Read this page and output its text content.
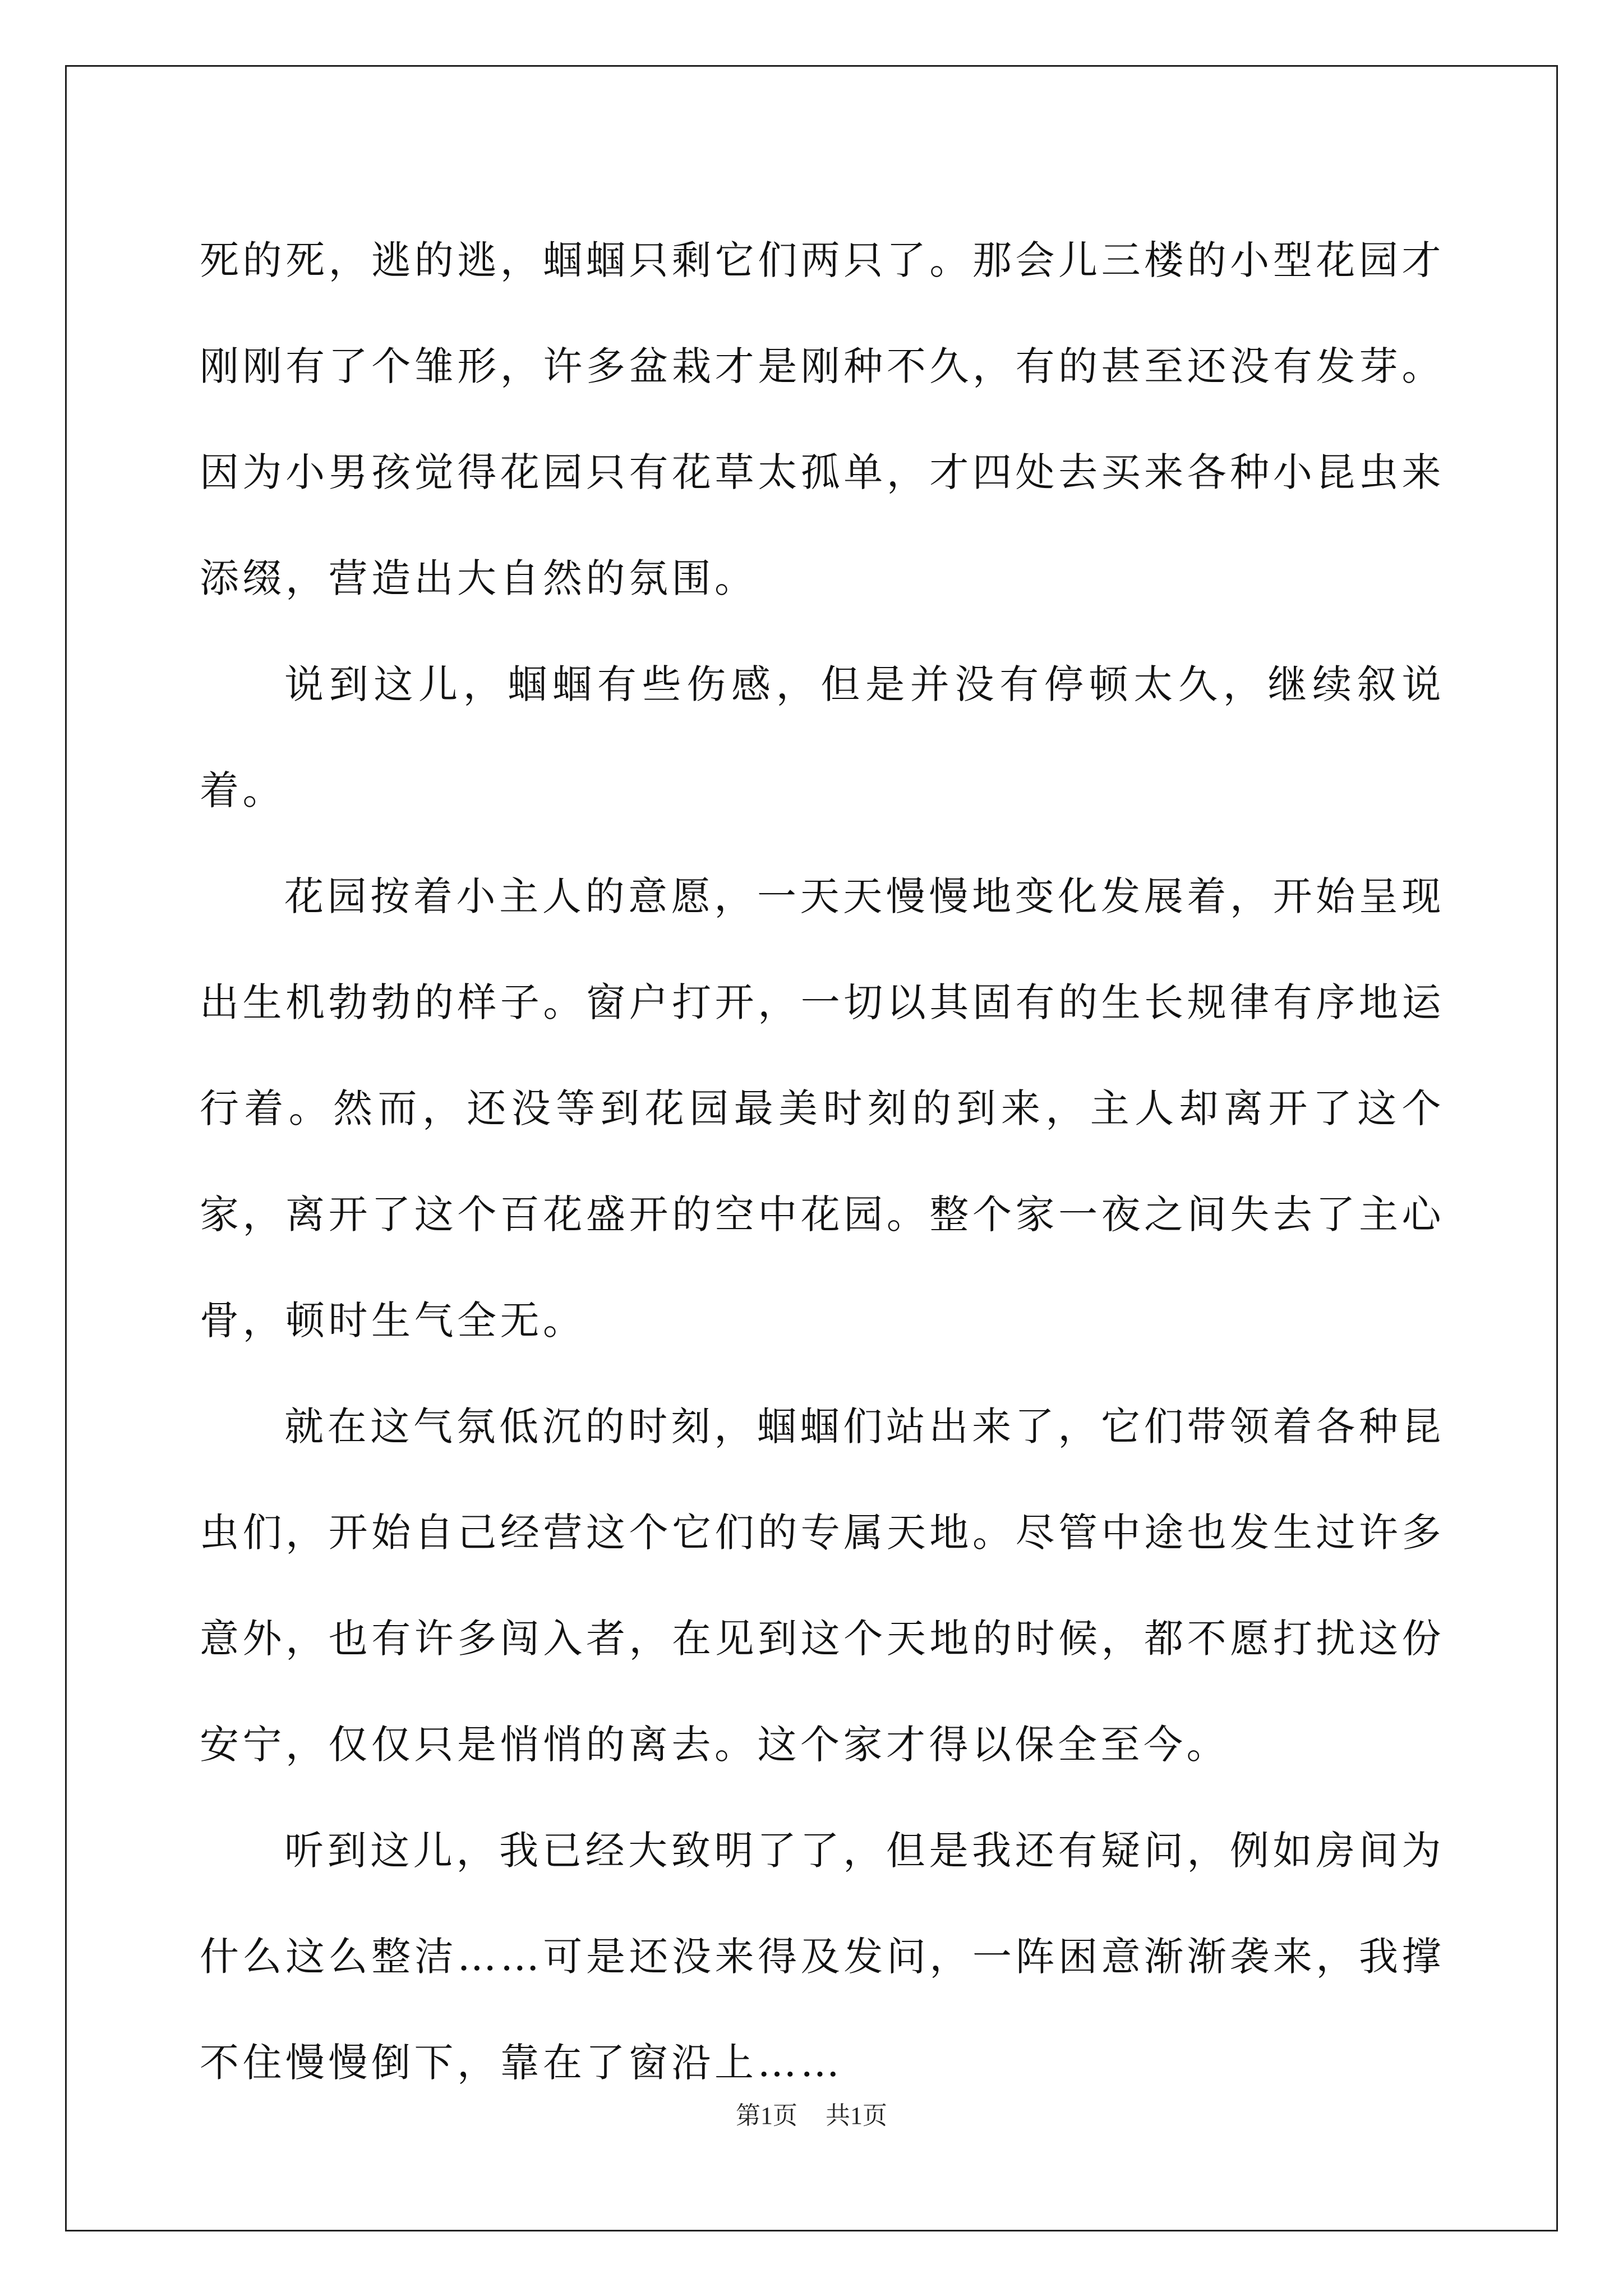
死的死，逃的逃，蝈蝈只剩它们两只了。那会儿三楼的小型花园才刚刚有了个雏形，许多盆栽才是刚种不久，有的甚至还没有发芽。因为小男孩觉得花园只有花草太孤单，才四处去买来各种小昆虫来添缀，营造出大自然的氛围。

说到这儿，蝈蝈有些伤感，但是并没有停顿太久，继续叙说着。

花园按着小主人的意愿，一天天慢慢地变化发展着，开始呈现出生机勃勃的样子。窗户打开，一切以其固有的生长规律有序地运行着。然而，还没等到花园最美时刻的到来，主人却离开了这个家，离开了这个百花盛开的空中花园。整个家一夜之间失去了主心骨，顿时生气全无。

就在这气氛低沉的时刻，蝈蝈们站出来了，它们带领着各种昆虫们，开始自己经营这个它们的专属天地。尽管中途也发生过许多意外，也有许多闯入者，在见到这个天地的时候，都不愿打扰这份安宁，仅仅只是悄悄的离去。这个家才得以保全至今。

听到这儿，我已经大致明了了，但是我还有疑问，例如房间为什么这么整洁……可是还没来得及发问，一阵困意渐渐袭来，我撑不住慢慢倒下，靠在了窗沿上……

第1页 共1页
